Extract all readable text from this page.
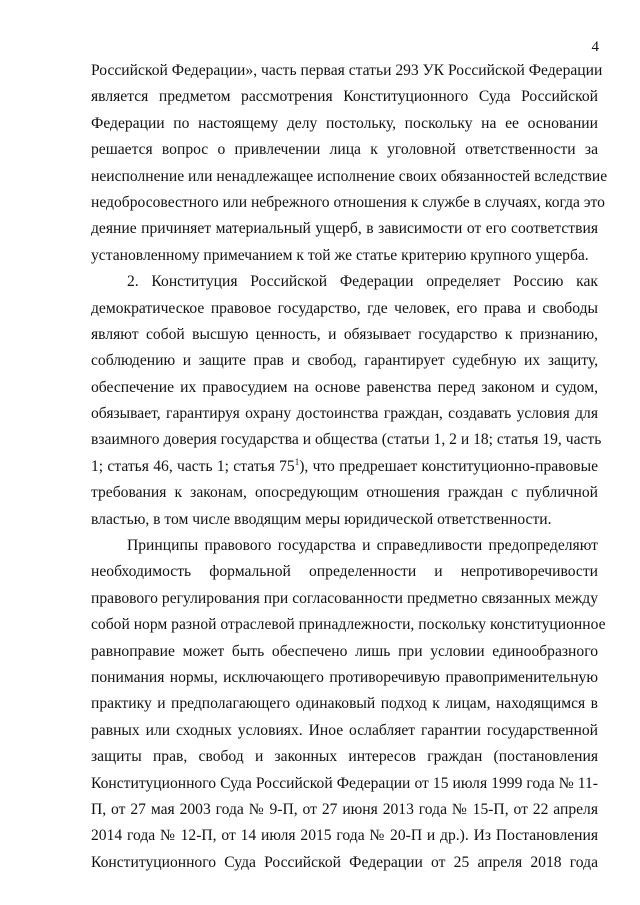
4
Российской Федерации», часть первая статьи 293 УК Российской Федерации
является предметом рассмотрения Конституционного Суда Российской
Федерации по настоящему делу постольку, поскольку на ее основании
решается вопрос о привлечении лица к уголовной ответственности за
неисполнение или ненадлежащее исполнение своих обязанностей вследствие
недобросовестного или небрежного отношения к службе в случаях, когда это
деяние причиняет материальный ущерб, в зависимости от его соответствия
установленному примечанием к той же статье критерию крупного ущерба.
2. Конституция Российской Федерации определяет Россию как
демократическое правовое государство, где человек, его права и свободы
являют собой высшую ценность, и обязывает государство к признанию,
соблюдению и защите прав и свобод, гарантирует судебную их защиту,
обеспечение их правосудием на основе равенства перед законом и судом,
обязывает, гарантируя охрану достоинства граждан, создавать условия для
взаимного доверия государства и общества (статьи 1, 2 и 18; статья 19, часть
1; статья 46, часть 1; статья $75^1$), что предрешает конституционно-правовые
требования к законам, опосредующим отношения граждан с публичной
властью, в том числе вводящим меры юридической ответственности.
Принципы правового государства и справедливости предопределяют
необходимость формальной определенности и непротиворечивости
правового регулирования при согласованности предметно связанных между
собой норм разной отраслевой принадлежности, поскольку конституционное
равноправие может быть обеспечено лишь при условии единообразного
понимания нормы, исключающего противоречивую правоприменительную
практику и предполагающего одинаковый подход к лицам, находящимся в
равных или сходных условиях. Иное ослабляет гарантии государственной
защиты прав, свобод и законных интересов граждан (постановления
Конституционного Суда Российской Федерации от 15 июля 1999 года № 11-
П, от 27 мая 2003 года № 9-П, от 27 июня 2013 года № 15-П, от 22 апреля
2014 года № 12-П, от 14 июля 2015 года № 20-П и др.). Из Постановления
Конституционного Суда Российской Федерации от 25 апреля 2018 года
